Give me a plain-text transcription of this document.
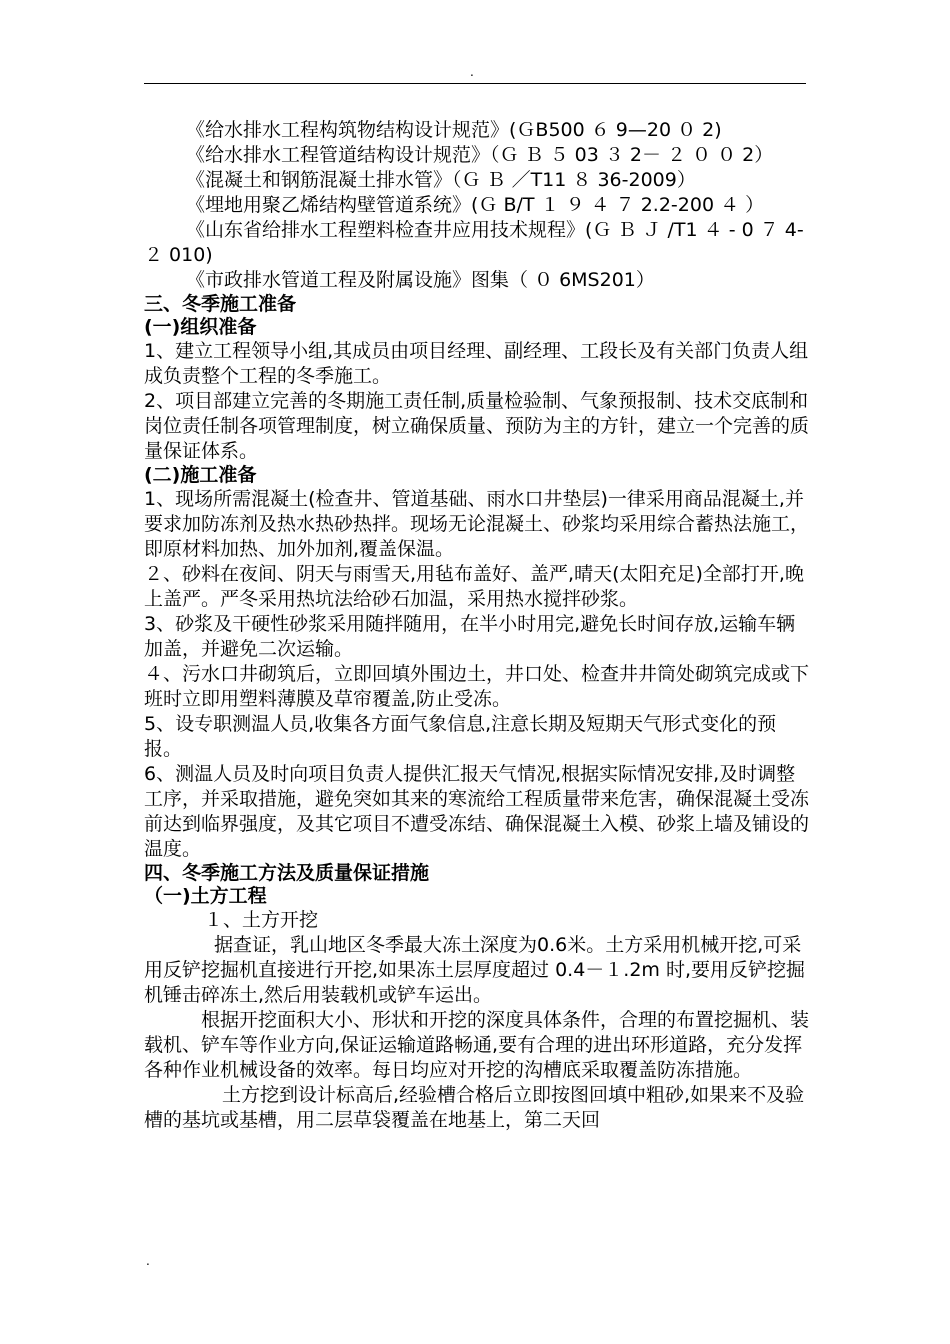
.

《给水排水工程构筑物结构设计规范》(ＧB500 ６ 9—20 ０ 2)

《给水排水工程管道结构设计规范》（Ｇ Ｂ ５ 03 ３ 2－ ２ ０ ０ 2）

《混凝土和钢筋混凝土排水管》（Ｇ Ｂ ／T11 ８ 36-2009）

《埋地用聚乙烯结构壁管道系统》(Ｇ B/T １ ９ ４ ７ 2.2-200 ４ ）

《山东省给排水工程塑料检查井应用技术规程》(Ｇ Ｂ Ｊ /T1 ４ - 0 ７ 4- ２ 010)

《市政排水管道工程及附属设施》图集（ ０ 6MS201）

三、冬季施工准备

(一)组织准备

1、建立工程领导小组,其成员由项目经理、副经理、工段长及有关部门负责人组成负责整个工程的冬季施工。

2、项目部建立完善的冬期施工责任制,质量检验制、气象预报制、技术交底制和岗位责任制各项管理制度，树立确保质量、预防为主的方针，建立一个完善的质量保证体系。

(二)施工准备

1、现场所需混凝土(检查井、管道基础、雨水口井垫层)一律采用商品混凝土,并要求加防冻剂及热水热砂热拌。现场无论混凝土、砂浆均采用综合蓄热法施工，即原材料加热、加外加剂,覆盖保温。

２、砂料在夜间、阴天与雨雪天,用毡布盖好、盖严,晴天(太阳充足)全部打开,晚上盖严。严冬采用热坑法给砂石加温，采用热水搅拌砂浆。

3、砂浆及干硬性砂浆采用随拌随用，在半小时用完,避免长时间存放,运输车辆加盖，并避免二次运输。

４、污水口井砌筑后，立即回填外围边土，井口处、检查井井筒处砌筑完成或下班时立即用塑料薄膜及草帘覆盖,防止受冻。

5、设专职测温人员,收集各方面气象信息,注意长期及短期天气形式变化的预报。

6、测温人员及时向项目负责人提供汇报天气情况,根据实际情况安排,及时调整工序，并采取措施，避免突如其来的寒流给工程质量带来危害，确保混凝土受冻前达到临界强度，及其它项目不遭受冻结、确保混凝土入模、砂浆上墙及铺设的温度。

四、冬季施工方法及质量保证措施

（一)土方工程

１、土方开挖

据查证，乳山地区冬季最大冻土深度为0.6米。土方采用机械开挖,可采用反铲挖掘机直接进行开挖,如果冻土层厚度超过 0.4－１.2m 时,要用反铲挖掘机锤击碎冻土,然后用装载机或铲车运出。

根据开挖面积大小、形状和开挖的深度具体条件，合理的布置挖掘机、装载机、铲车等作业方向,保证运输道路畅通,要有合理的进出环形道路，充分发挥各种作业机械设备的效率。每日均应对开挖的沟槽底采取覆盖防冻措施。

土方挖到设计标高后,经验槽合格后立即按图回填中粗砂,如果来不及验槽的基坑或基槽，用二层草袋覆盖在地基上，第二天回

.
